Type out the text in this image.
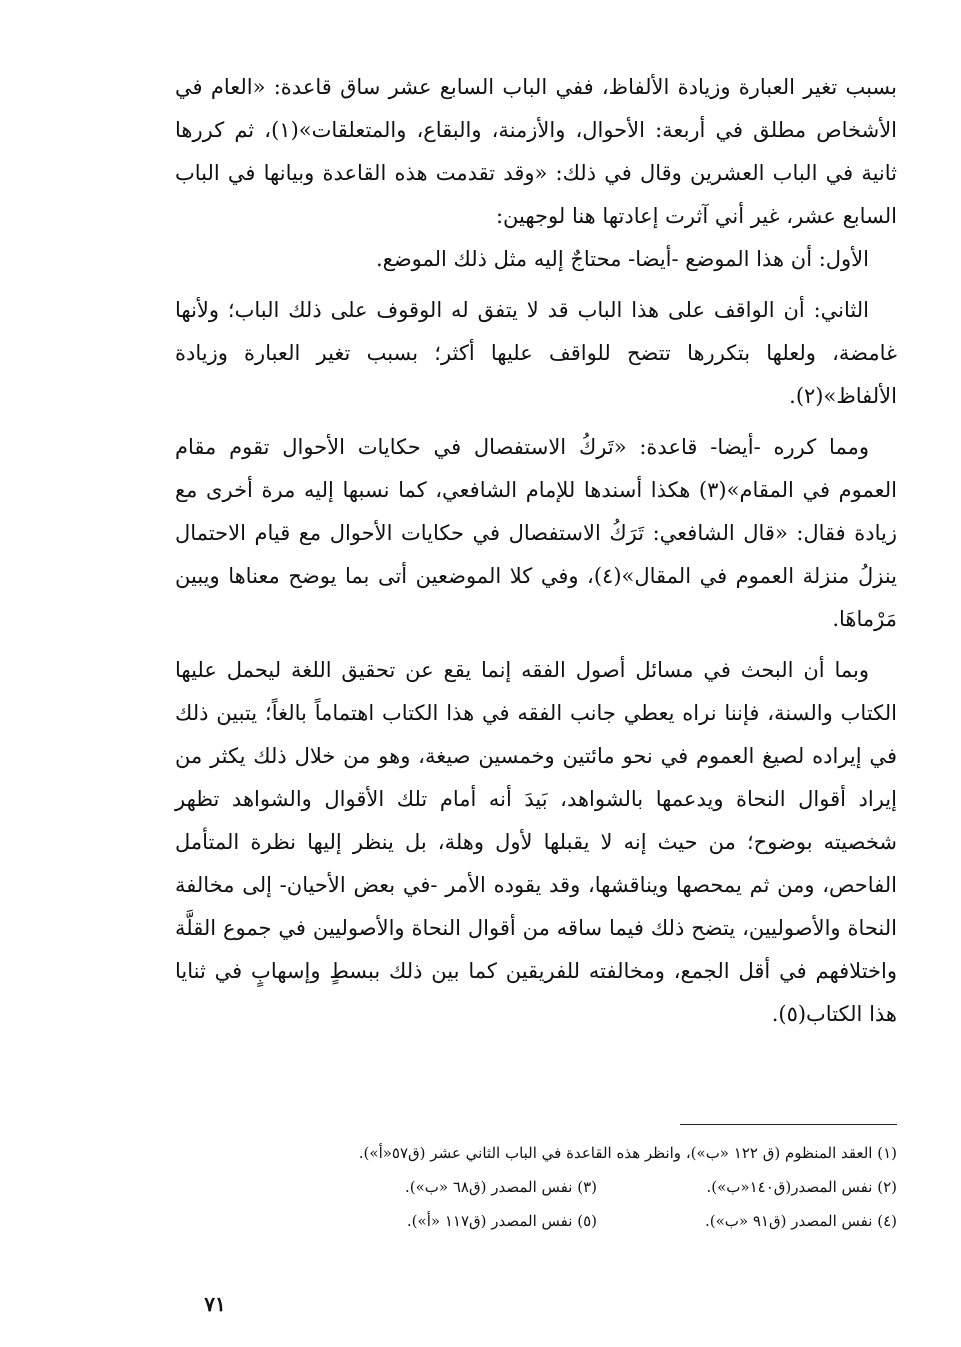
بسبب تغير العبارة وزيادة الألفاظ، ففي الباب السابع عشر ساق قاعدة: «العام في الأشخاص مطلق في أربعة: الأحوال، والأزمنة، والبقاع، والمتعلقات»(١)، ثم كررها ثانية في الباب العشرين وقال في ذلك: «وقد تقدمت هذه القاعدة وبيانها في الباب السابع عشر، غير أني آثرت إعادتها هنا لوجهين:

الأول: أن هذا الموضع -أيضا- محتاجٌ إليه مثل ذلك الموضع.

الثاني: أن الواقف على هذا الباب قد لا يتفق له الوقوف على ذلك الباب؛ ولأنها غامضة، ولعلها بتكررها تتضح للواقف عليها أكثر؛ بسبب تغير العبارة وزيادة الألفاظ»(٢).

ومما كرره -أيضا- قاعدة: «تَركُ الاستفصال في حكايات الأحوال تقوم مقام العموم في المقام»(٣) هكذا أسندها للإمام الشافعي، كما نسبها إليه مرة أخرى مع زيادة فقال: «قال الشافعي: تَرَكُ الاستفصال في حكايات الأحوال مع قيام الاحتمال ينزلُ منزلة العموم في المقال»(٤)، وفي كلا الموضعين أتى بما يوضح معناها ويبين مَرْماهَا.

وبما أن البحث في مسائل أصول الفقه إنما يقع عن تحقيق اللغة ليحمل عليها الكتاب والسنة، فإننا نراه يعطي جانب الفقه في هذا الكتاب اهتماماً بالغاً؛ يتبين ذلك في إيراده لصيغ العموم في نحو مائتين وخمسين صيغة، وهو من خلال ذلك يكثر من إيراد أقوال النحاة ويدعمها بالشواهد، بَيدَ أنه أمام تلك الأقوال والشواهد تظهر شخصيته بوضوح؛ من حيث إنه لا يقبلها لأول وهلة، بل ينظر إليها نظرة المتأمل الفاحص، ومن ثم يمحصها ويناقشها، وقد يقوده الأمر -في بعض الأحيان- إلى مخالفة النحاة والأصوليين، يتضح ذلك فيما ساقه من أقوال النحاة والأصوليين في جموع القلَّة واختلافهم في أقل الجمع، ومخالفته للفريقين كما بين ذلك ببسطٍ وإسهابٍ في ثنايا هذا الكتاب(٥).

(١) العقد المنظوم (ق ١٢٢ «ب»)، وانظر هذه القاعدة في الباب الثاني عشر (ق٥٧«أ»).
(٢) نفس المصدر(ق١٤٠«ب»).
(٣) نفس المصدر (ق٦٨ «ب»).
(٤) نفس المصدر (ق٩١ «ب»).
(٥) نفس المصدر (ق١١٧ «أ»).
٧١
